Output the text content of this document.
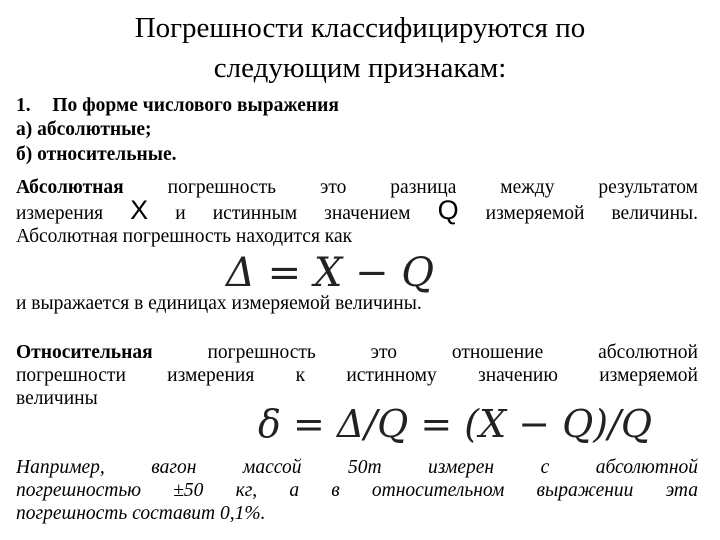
Погрешности классифицируются по
следующим признакам:
1. По форме числового выражения
а) абсолютные;
б) относительные.
Абсолютная погрешность это разница между результатом
измерения X и истинным значением Q измеряемой величины.
Абсолютная погрешность находится как
Δ = X − Q
и выражается в единицах измеряемой величины.
Относительная	погрешность это отношение абсолютной
погрешности измерения к истинному значению измеряемой
величины
δ = Δ/Q = (X − Q)/Q
Например, вагон массой 50т измерен с абсолютной
погрешностью ±50 кг, а в относительном выражении эта
погрешность составит 0,1%.
